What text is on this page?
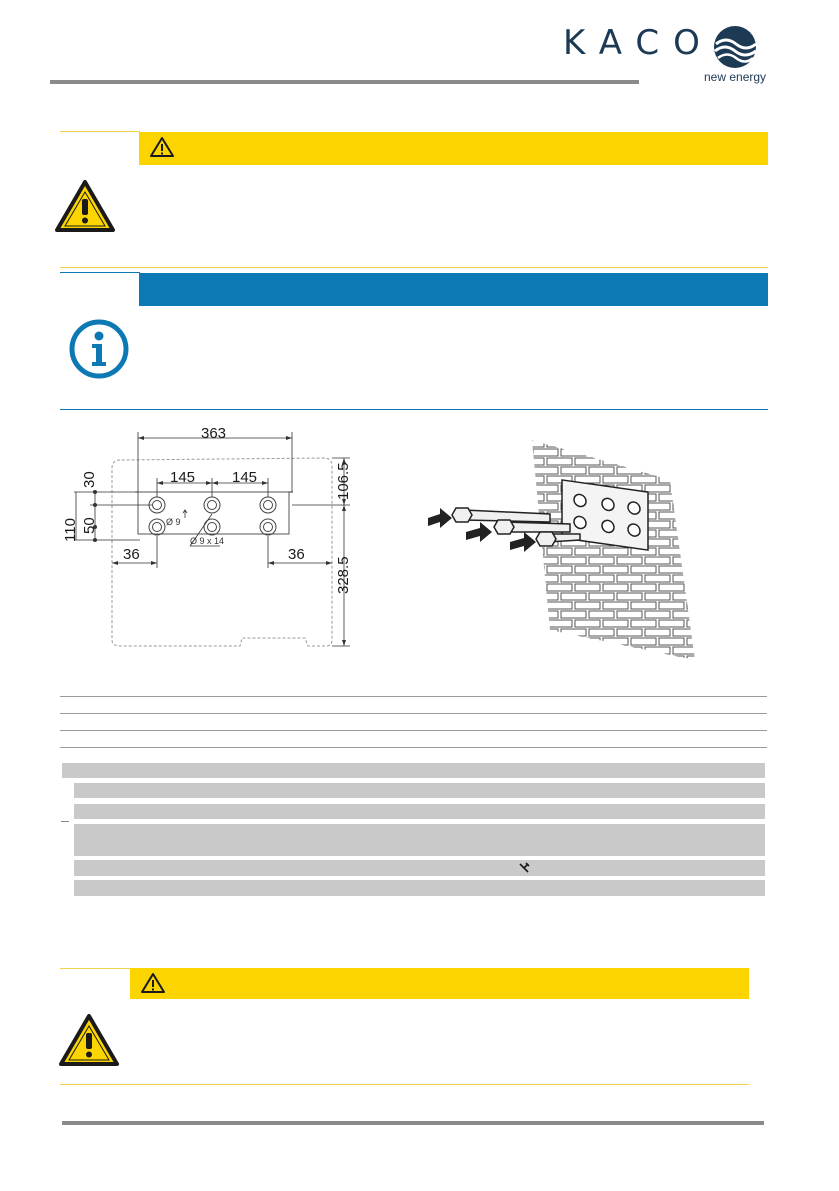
KACO
new energy
363
145 145
36	36
30
50
110
106.5
328.5
Ø 9
Ø 9 x 14
